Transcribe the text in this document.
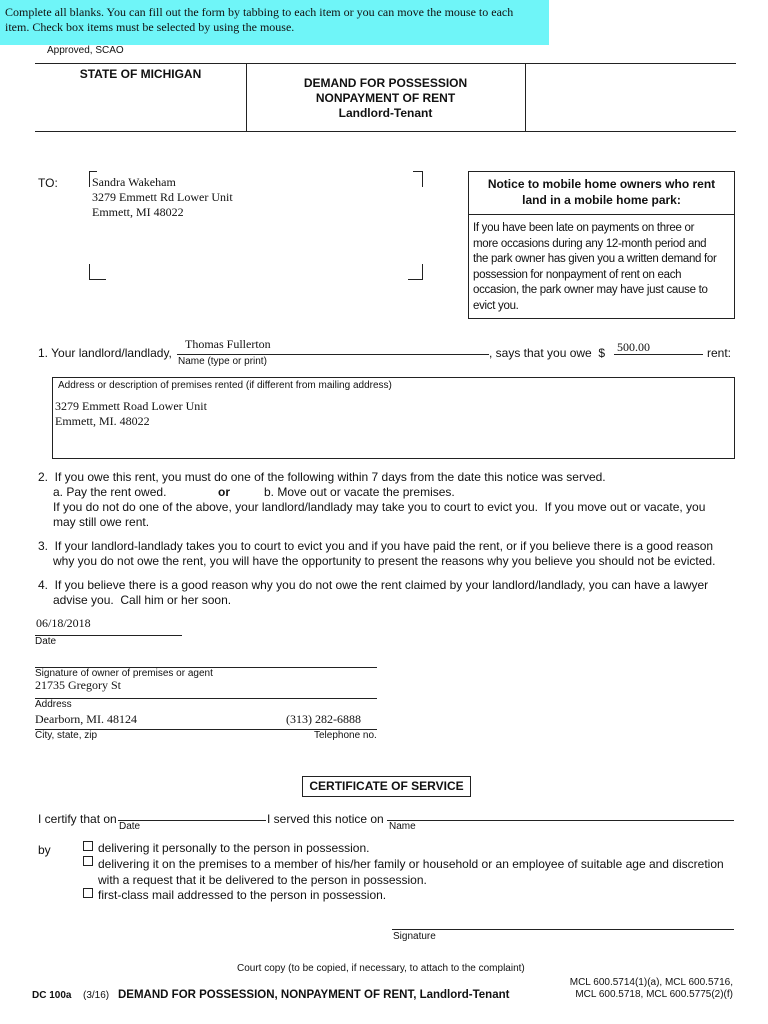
Complete all blanks. You can fill out the form by tabbing to each item or you can move the mouse to each
item. Check box items must be selected by using the mouse.
Approved, SCAO
STATE OF MICHIGAN
DEMAND FOR POSSESSION
NONPAYMENT OF RENT
Landlord-Tenant
TO:	Sandra Wakeham
3279 Emmett Rd Lower Unit
Emmett, MI 48022
Notice to mobile home owners who rent
land in a mobile home park:
If you have been late on payments on three or
more occasions during any 12-month period and
the park owner has given you a written demand for
possession for nonpayment of rent on each
occasion, the park owner may have just cause to
evict you.
1. Your landlord/landlady,
Thomas Fullerton
Name (type or print)
, says that you owe  $ 500.00	rent:
Address or description of premises rented (if different from mailing address)
3279 Emmett Road Lower Unit
Emmett, MI. 48022
2.  If you owe this rent, you must do one of the following within 7 days from the date this notice was served.
a. Pay the rent owed.	or	b. Move out or vacate the premises.
If you do not do one of the above, your landlord/landlady may take you to court to evict you.  If you move out or vacate, you
may still owe rent.
3.  If your landlord-landlady takes you to court to evict you and if you have paid the rent, or if you believe there is a good reason
why you do not owe the rent, you will have the opportunity to present the reasons why you believe you should not be evicted.
4.  If you believe there is a good reason why you do not owe the rent claimed by your landlord/landlady, you can have a lawyer
advise you.  Call him or her soon.
06/18/2018
Date
Signature of owner of premises or agent
21735 Gregory St
Address
Dearborn, MI. 48124	(313) 282-6888
City, state, zip	Telephone no.
CERTIFICATE OF SERVICE
I certify that on
Date
I served this notice on
Name
by	delivering it personally to the person in possession.
delivering it on the premises to a member of his/her family or household or an employee of suitable age and discretion
with a request that it be delivered to the person in possession.
first-class mail addressed to the person in possession.
Signature
Court copy (to be copied, if necessary, to attach to the complaint)
DC 100a (3/16) DEMAND FOR POSSESSION, NONPAYMENT OF RENT, Landlord-Tenant
MCL 600.5714(1)(a), MCL 600.5716,
MCL 600.5718, MCL 600.5775(2)(f)
